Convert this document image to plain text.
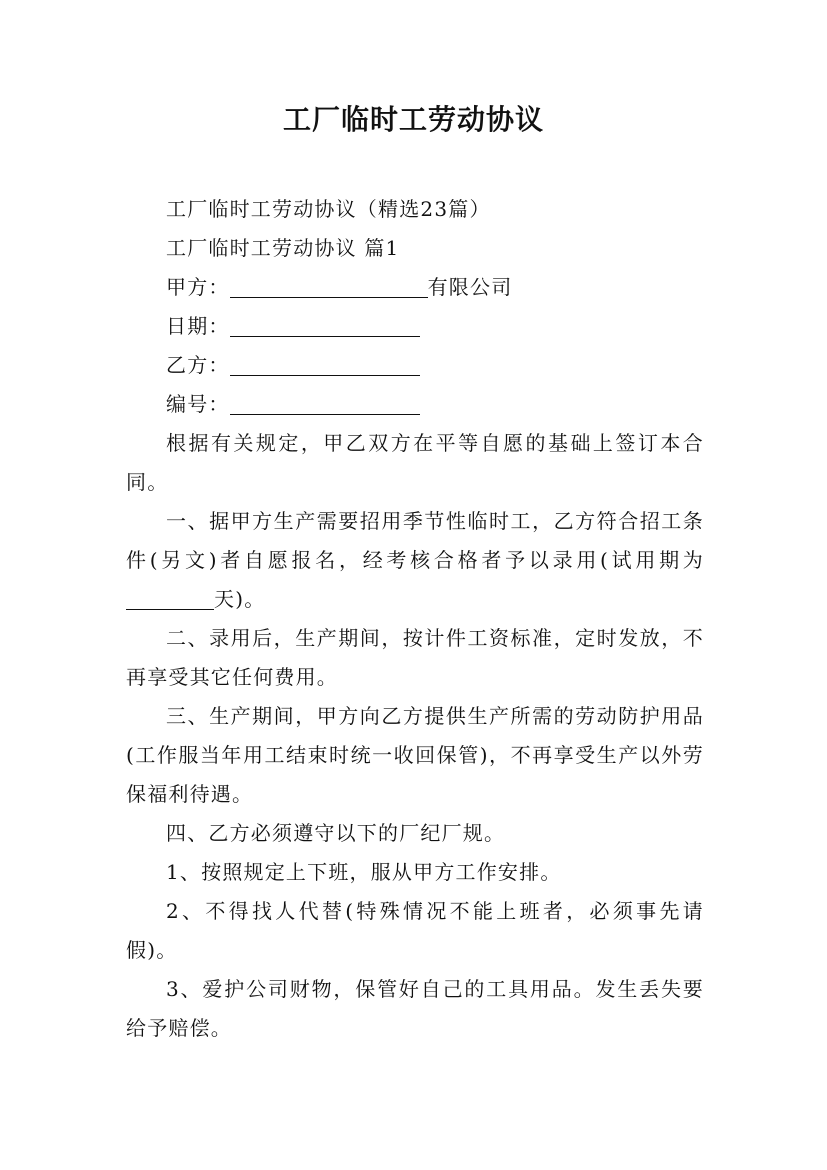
工厂临时工劳动协议

工厂临时工劳动协议（精选23篇）

工厂临时工劳动协议 篇1

甲方：	有限公司

日期：

乙方：

编号：

根据有关规定，甲乙双方在平等自愿的基础上签订本合同。

一、据甲方生产需要招用季节性临时工，乙方符合招工条件(另文)者自愿报名，经考核合格者予以录用(试用期为天)。

二、录用后，生产期间，按计件工资标准，定时发放，不再享受其它任何费用。

三、生产期间，甲方向乙方提供生产所需的劳动防护用品(工作服当年用工结束时统一收回保管)，不再享受生产以外劳保福利待遇。

四、乙方必须遵守以下的厂纪厂规。

1、按照规定上下班，服从甲方工作安排。

2、不得找人代替(特殊情况不能上班者，必须事先请假)。

3、爱护公司财物，保管好自己的工具用品。发生丢失要给予赔偿。
